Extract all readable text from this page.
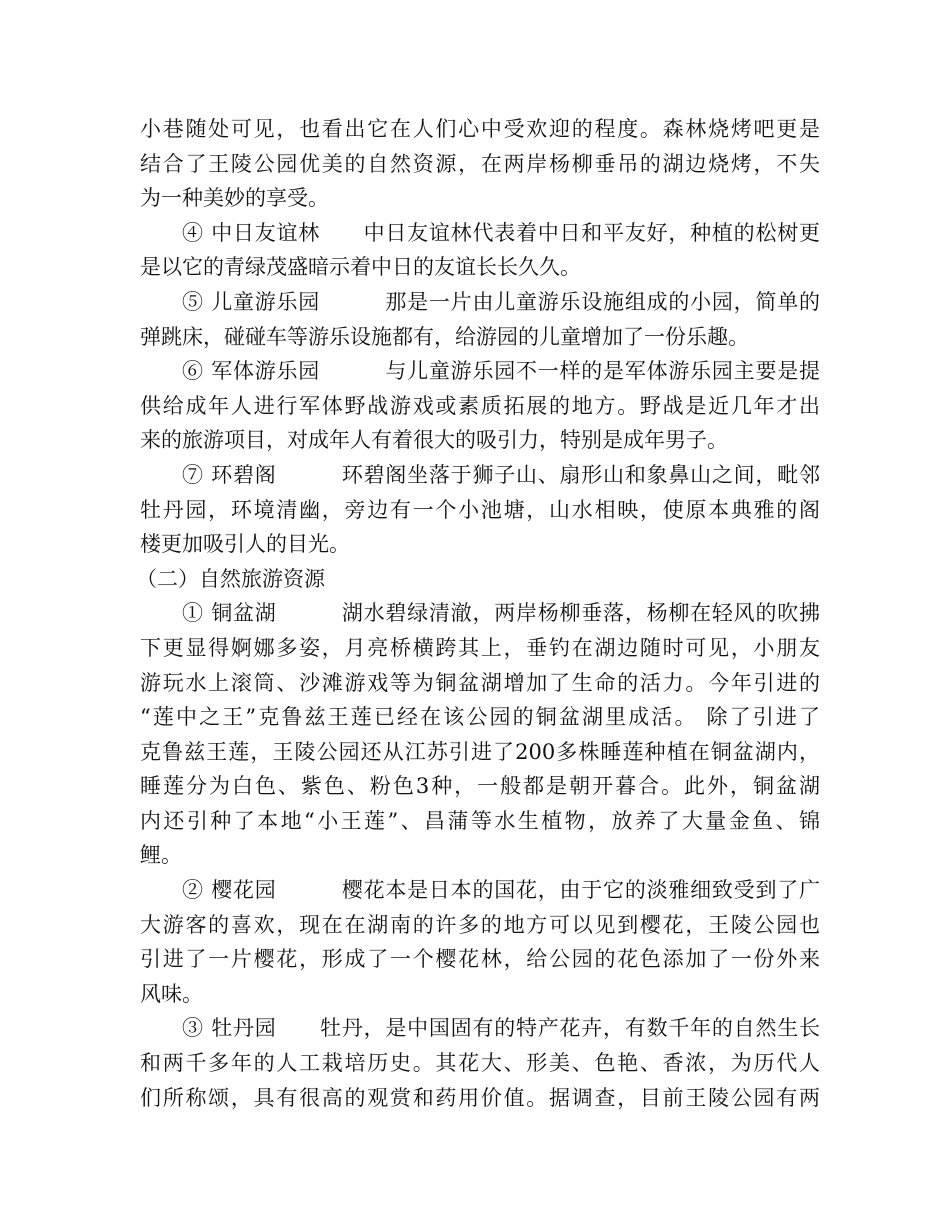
小巷随处可见，也看出它在人们心中受欢迎的程度。森林烧烤吧更是
结合了王陵公园优美的自然资源，在两岸杨柳垂吊的湖边烧烤，不失
为一种美妙的享受。
④ 中日友谊林　　中日友谊林代表着中日和平友好，种植的松树更
是以它的青绿茂盛暗示着中日的友谊长长久久。
⑤ 儿童游乐园　　　那是一片由儿童游乐设施组成的小园，简单的
弹跳床，碰碰车等游乐设施都有，给游园的儿童增加了一份乐趣。
⑥ 军体游乐园　　　与儿童游乐园不一样的是军体游乐园主要是提
供给成年人进行军体野战游戏或素质拓展的地方。野战是近几年才出
来的旅游项目，对成年人有着很大的吸引力，特别是成年男子。
⑦ 环碧阁　　　环碧阁坐落于狮子山、扇形山和象鼻山之间，毗邻
牡丹园，环境清幽，旁边有一个小池塘，山水相映，使原本典雅的阁
楼更加吸引人的目光。
（二）自然旅游资源
① 铜盆湖　　　湖水碧绿清澈，两岸杨柳垂落，杨柳在轻风的吹拂
下更显得婀娜多姿，月亮桥横跨其上，垂钓在湖边随时可见，小朋友
游玩水上滚筒、沙滩游戏等为铜盆湖增加了生命的活力。今年引进的
“莲中之王”克鲁兹王莲已经在该公园的铜盆湖里成活。 除了引进了
克鲁兹王莲，王陵公园还从江苏引进了200多株睡莲种植在铜盆湖内，
睡莲分为白色、紫色、粉色3种，一般都是朝开暮合。此外，铜盆湖
内还引种了本地“小王莲”、昌蒲等水生植物，放养了大量金鱼、锦
鲤。
② 樱花园　　　樱花本是日本的国花，由于它的淡雅细致受到了广
大游客的喜欢，现在在湖南的许多的地方可以见到樱花，王陵公园也
引进了一片樱花，形成了一个樱花林，给公园的花色添加了一份外来
风味。
③ 牡丹园　　牡丹，是中国固有的特产花卉，有数千年的自然生长
和两千多年的人工栽培历史。其花大、形美、色艳、香浓，为历代人
们所称颂，具有很高的观赏和药用价值。据调查，目前王陵公园有两
